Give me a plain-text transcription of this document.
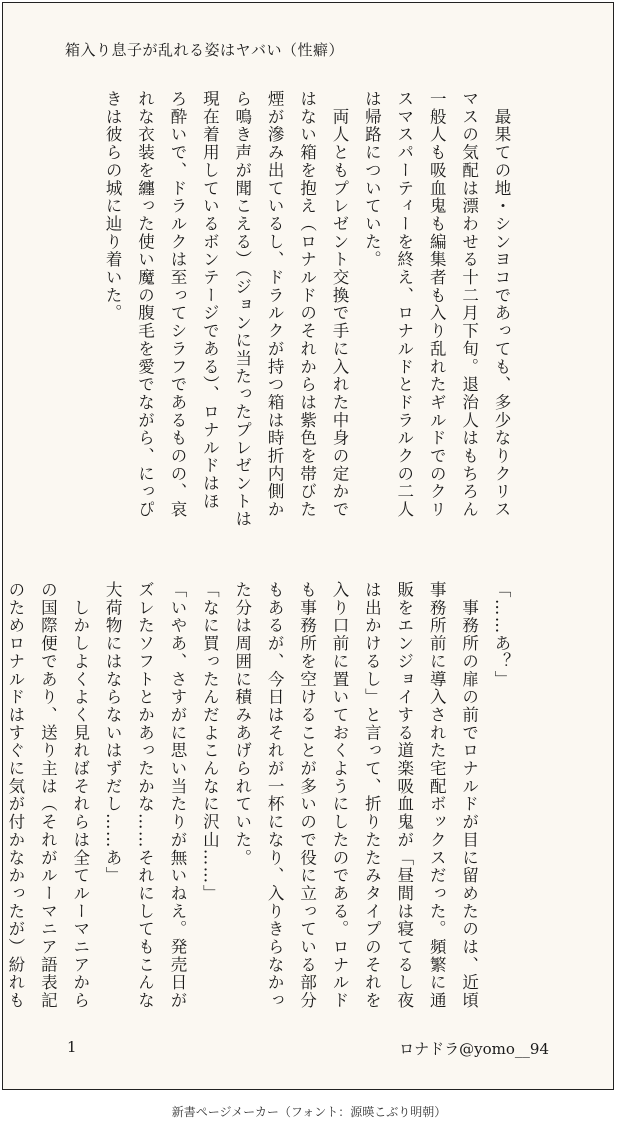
箱入り息子が乱れる姿はヤバい（性癖）

　最果ての地・シンヨコであっても、多少なりクリス

マスの気配は漂わせる十二月下旬。退治人はもちろん

一般人も吸血鬼も編集者も入り乱れたギルドでのクリ

スマスパーティーを終え、ロナルドとドラルクの二人

は帰路についていた。

　両人ともプレゼント交換で手に入れた中身の定かで

はない箱を抱え（ロナルドのそれからは紫色を帯びた

煙が滲み出ているし、ドラルクが持つ箱は時折内側か

ら鳴き声が聞こえる）（ジョンに当たったプレゼントは

現在着用しているボンテージである）、ロナルドはほ

ろ酔いで、ドラルクは至ってシラフであるものの、哀

れな衣装を纏った使い魔の腹毛を愛でながら、にっぴ

きは彼らの城に辿り着いた。

「……あ？」

　事務所の扉の前でロナルドが目に留めたのは、近頃

事務所前に導入された宅配ボックスだった。頻繁に通

販をエンジョイする道楽吸血鬼が「昼間は寝てるし夜

は出かけるし」と言って、折りたたみタイプのそれを

入り口前に置いておくようにしたのである。ロナルド

も事務所を空けることが多いので役に立っている部分

もあるが、今日はそれが一杯になり、入りきらなかっ

た分は周囲に積みあげられていた。

「なに買ったんだよこんなに沢山……」

「いやあ、さすがに思い当たりが無いねえ。発売日が

ズレたソフトとかあったかな……それにしてもこんな

大荷物にはならないはずだし……あ」

　しかしよくよく見ればそれらは全てルーマニアから

の国際便であり、送り主は（それがルーマニア語表記

のためロナルドはすぐに気が付かなかったが）紛れも

1	ロナドラ@yomo__94
新書ページメーカー（フォント：源暎こぶり明朝）
